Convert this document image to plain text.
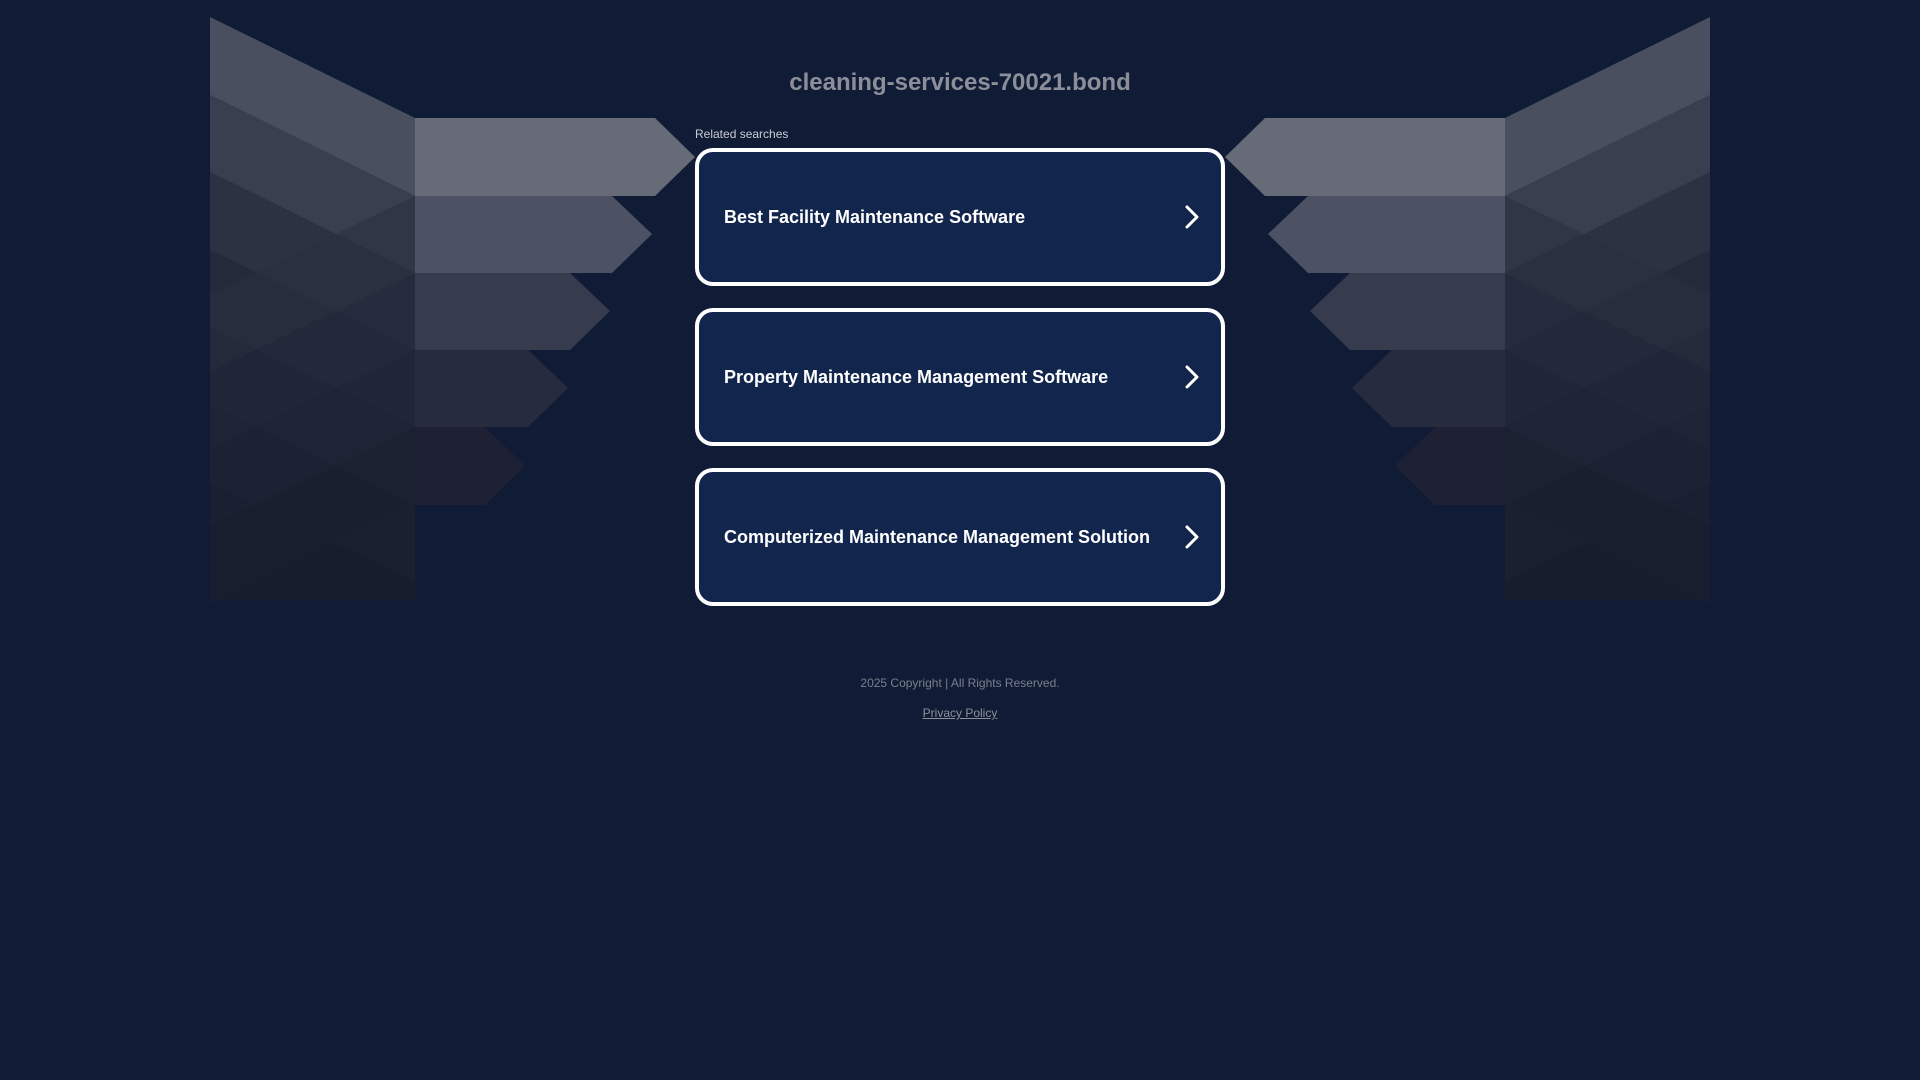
cleaning-services-70021.bond
Related searches
Best Facility Maintenance Software
Property Maintenance Management Software
Computerized Maintenance Management Solution
2025 Copyright | All Rights Reserved.
Privacy Policy
